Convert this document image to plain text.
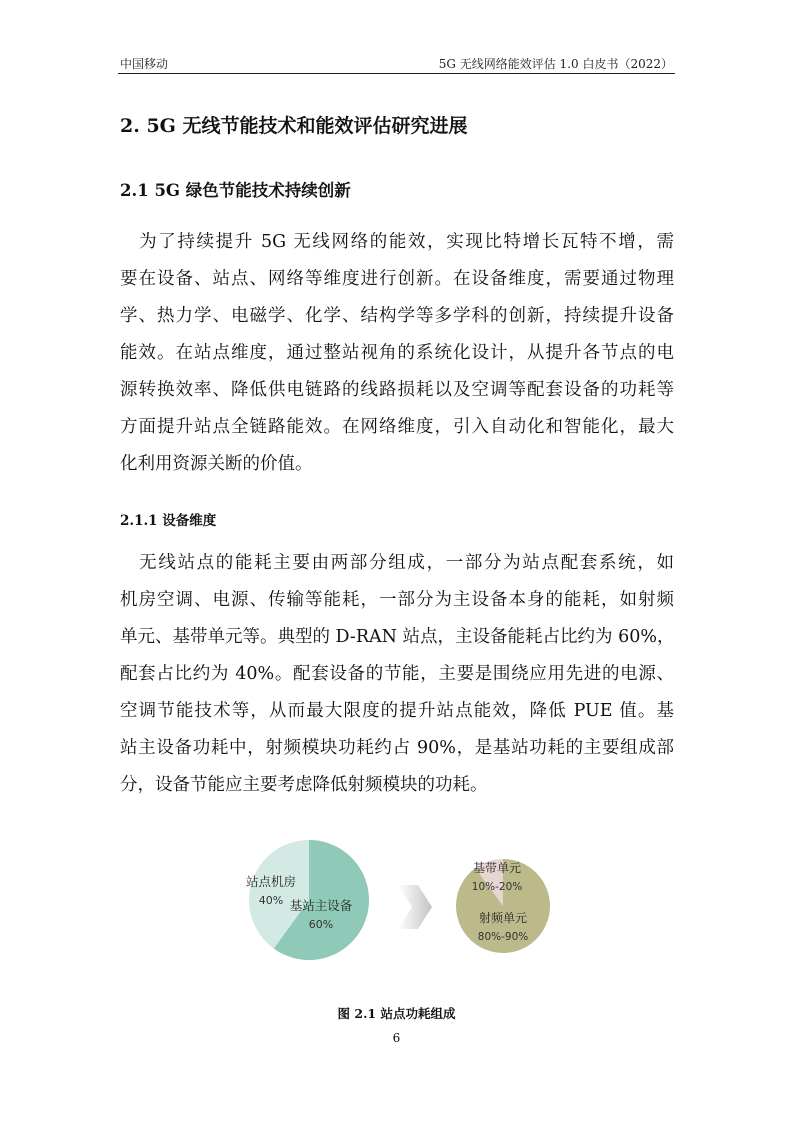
中国移动	5G 无线网络能效评估 1.0 白皮书（2022）
2. 5G 无线节能技术和能效评估研究进展
2.1 5G 绿色节能技术持续创新
　为了持续提升 5G 无线网络的能效，实现比特增长瓦特不增，需
要在设备、站点、网络等维度进行创新。在设备维度，需要通过物理
学、热力学、电磁学、化学、结构学等多学科的创新，持续提升设备
能效。在站点维度，通过整站视角的系统化设计，从提升各节点的电
源转换效率、降低供电链路的线路损耗以及空调等配套设备的功耗等
方面提升站点全链路能效。在网络维度，引入自动化和智能化，最大
化利用资源关断的价值。
2.1.1 设备维度
　无线站点的能耗主要由两部分组成，一部分为站点配套系统，如
机房空调、电源、传输等能耗，一部分为主设备本身的能耗，如射频
单元、基带单元等。典型的 D-RAN 站点，主设备能耗占比约为 60%，
配套占比约为 40%。配套设备的节能，主要是围绕应用先进的电源、
空调节能技术等，从而最大限度的提升站点能效，降低 PUE 值。基
站主设备功耗中，射频模块功耗约占 90%，是基站功耗的主要组成部
分，设备节能应主要考虑降低射频模块的功耗。
基站主设备
60%
站点机房
40%
射频单元
80%-90%
基带单元
10%-20%
图 2.1 站点功耗组成
6
